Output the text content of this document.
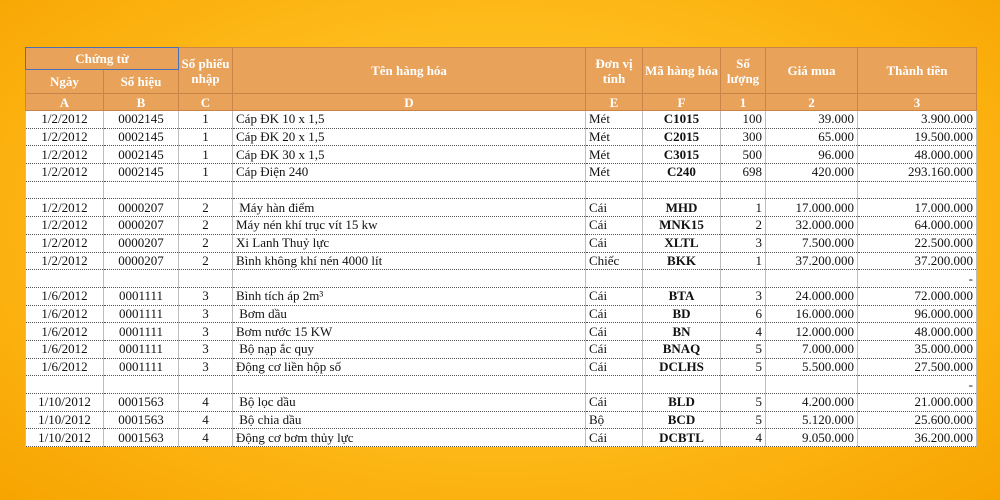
Chứng từ		Số phiếu nhập	Tên hàng hóa	Đơn vị tính	Mã hàng hóa	Số lượng	Giá mua	Thành tiền
Ngày	Số hiệu							
A	B	C	D	E	F	1	2	3
1/2/2012	0002145	1	Cáp ĐK 10 x 1,5	Mét	C1015	100	39.000	3.900.000
1/2/2012	0002145	1	Cáp ĐK 20 x 1,5	Mét	C2015	300	65.000	19.500.000
1/2/2012	0002145	1	Cáp ĐK 30 x 1,5	Mét	C3015	500	96.000	48.000.000
1/2/2012	0002145	1	Cáp Điện 240	Mét	C240	698	420.000	293.160.000

1/2/2012	0000207	2	Máy hàn điểm	Cái	MHD	1	17.000.000	17.000.000
1/2/2012	0000207	2	Máy nén khí trục vít 15 kw	Cái	MNK15	2	32.000.000	64.000.000
1/2/2012	0000207	2	Xi Lanh Thuỷ lực	Cái	XLTL	3	7.500.000	22.500.000
1/2/2012	0000207	2	Bình không khí nén 4000 lít	Chiếc	BKK	1	37.200.000	37.200.000
								-
1/6/2012	0001111	3	Bình tích áp 2m³	Cái	BTA	3	24.000.000	72.000.000
1/6/2012	0001111	3	Bơm dầu	Cái	BD	6	16.000.000	96.000.000
1/6/2012	0001111	3	Bơm nước 15 KW	Cái	BN	4	12.000.000	48.000.000
1/6/2012	0001111	3	Bộ nạp ắc quy	Cái	BNAQ	5	7.000.000	35.000.000
1/6/2012	0001111	3	Động cơ liền hộp số	Cái	DCLHS	5	5.500.000	27.500.000
								-
1/10/2012	0001563	4	Bộ lọc dầu	Cái	BLD	5	4.200.000	21.000.000
1/10/2012	0001563	4	Bộ chia dầu	Bộ	BCD	5	5.120.000	25.600.000
1/10/2012	0001563	4	Động cơ bơm thủy lực	Cái	DCBTL	4	9.050.000	36.200.000
